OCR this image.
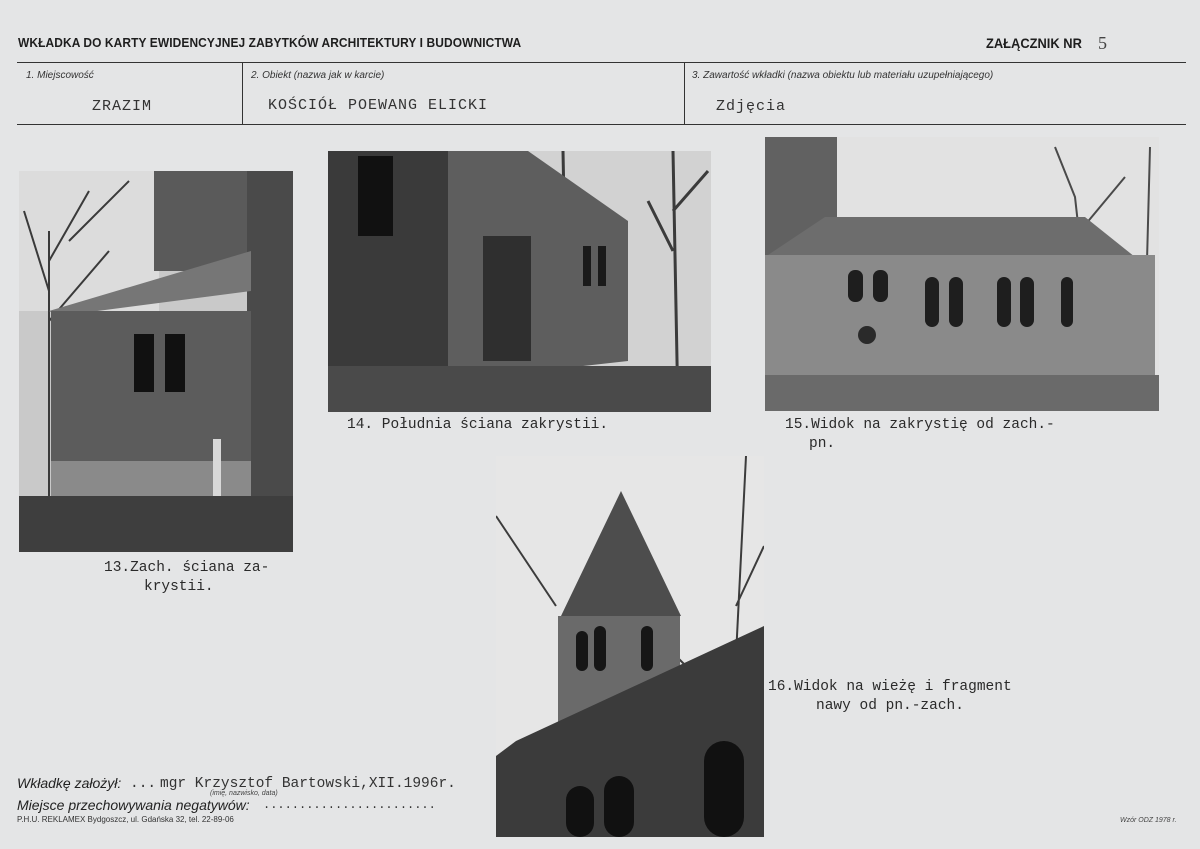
WKŁADKA DO KARTY EWIDENCYJNEJ ZABYTKÓW ARCHITEKTURY I BUDOWNICTWA	ZAŁĄCZNIK NR 5
1. Miejscowość
ZRAZIM
2. Obiekt (nazwa jak w karcie)
KOŚCIÓŁ POEWANG ELICKI
3. Zawartość wkładki (nazwa obiektu lub materiału uzupełniającego)
Zdjęcia
13.Zach. ściana za-
krystii.
14. Południa ściana zakrystii.	15.Widok na zakrystię od zach.-
pn.
16.Widok na wieżę i fragment
nawy od pn.-zach.
Wkładkę założył: ... mgr Krzysztof Bartowski,XII.1996r.
(imię, nazwisko, data)
Miejsce przechowywania negatywów: ........................
P.H.U. REKLAMEX Bydgoszcz, ul. Gdańska 32, tel. 22-89-06	Wzór ODZ 1978 r.
